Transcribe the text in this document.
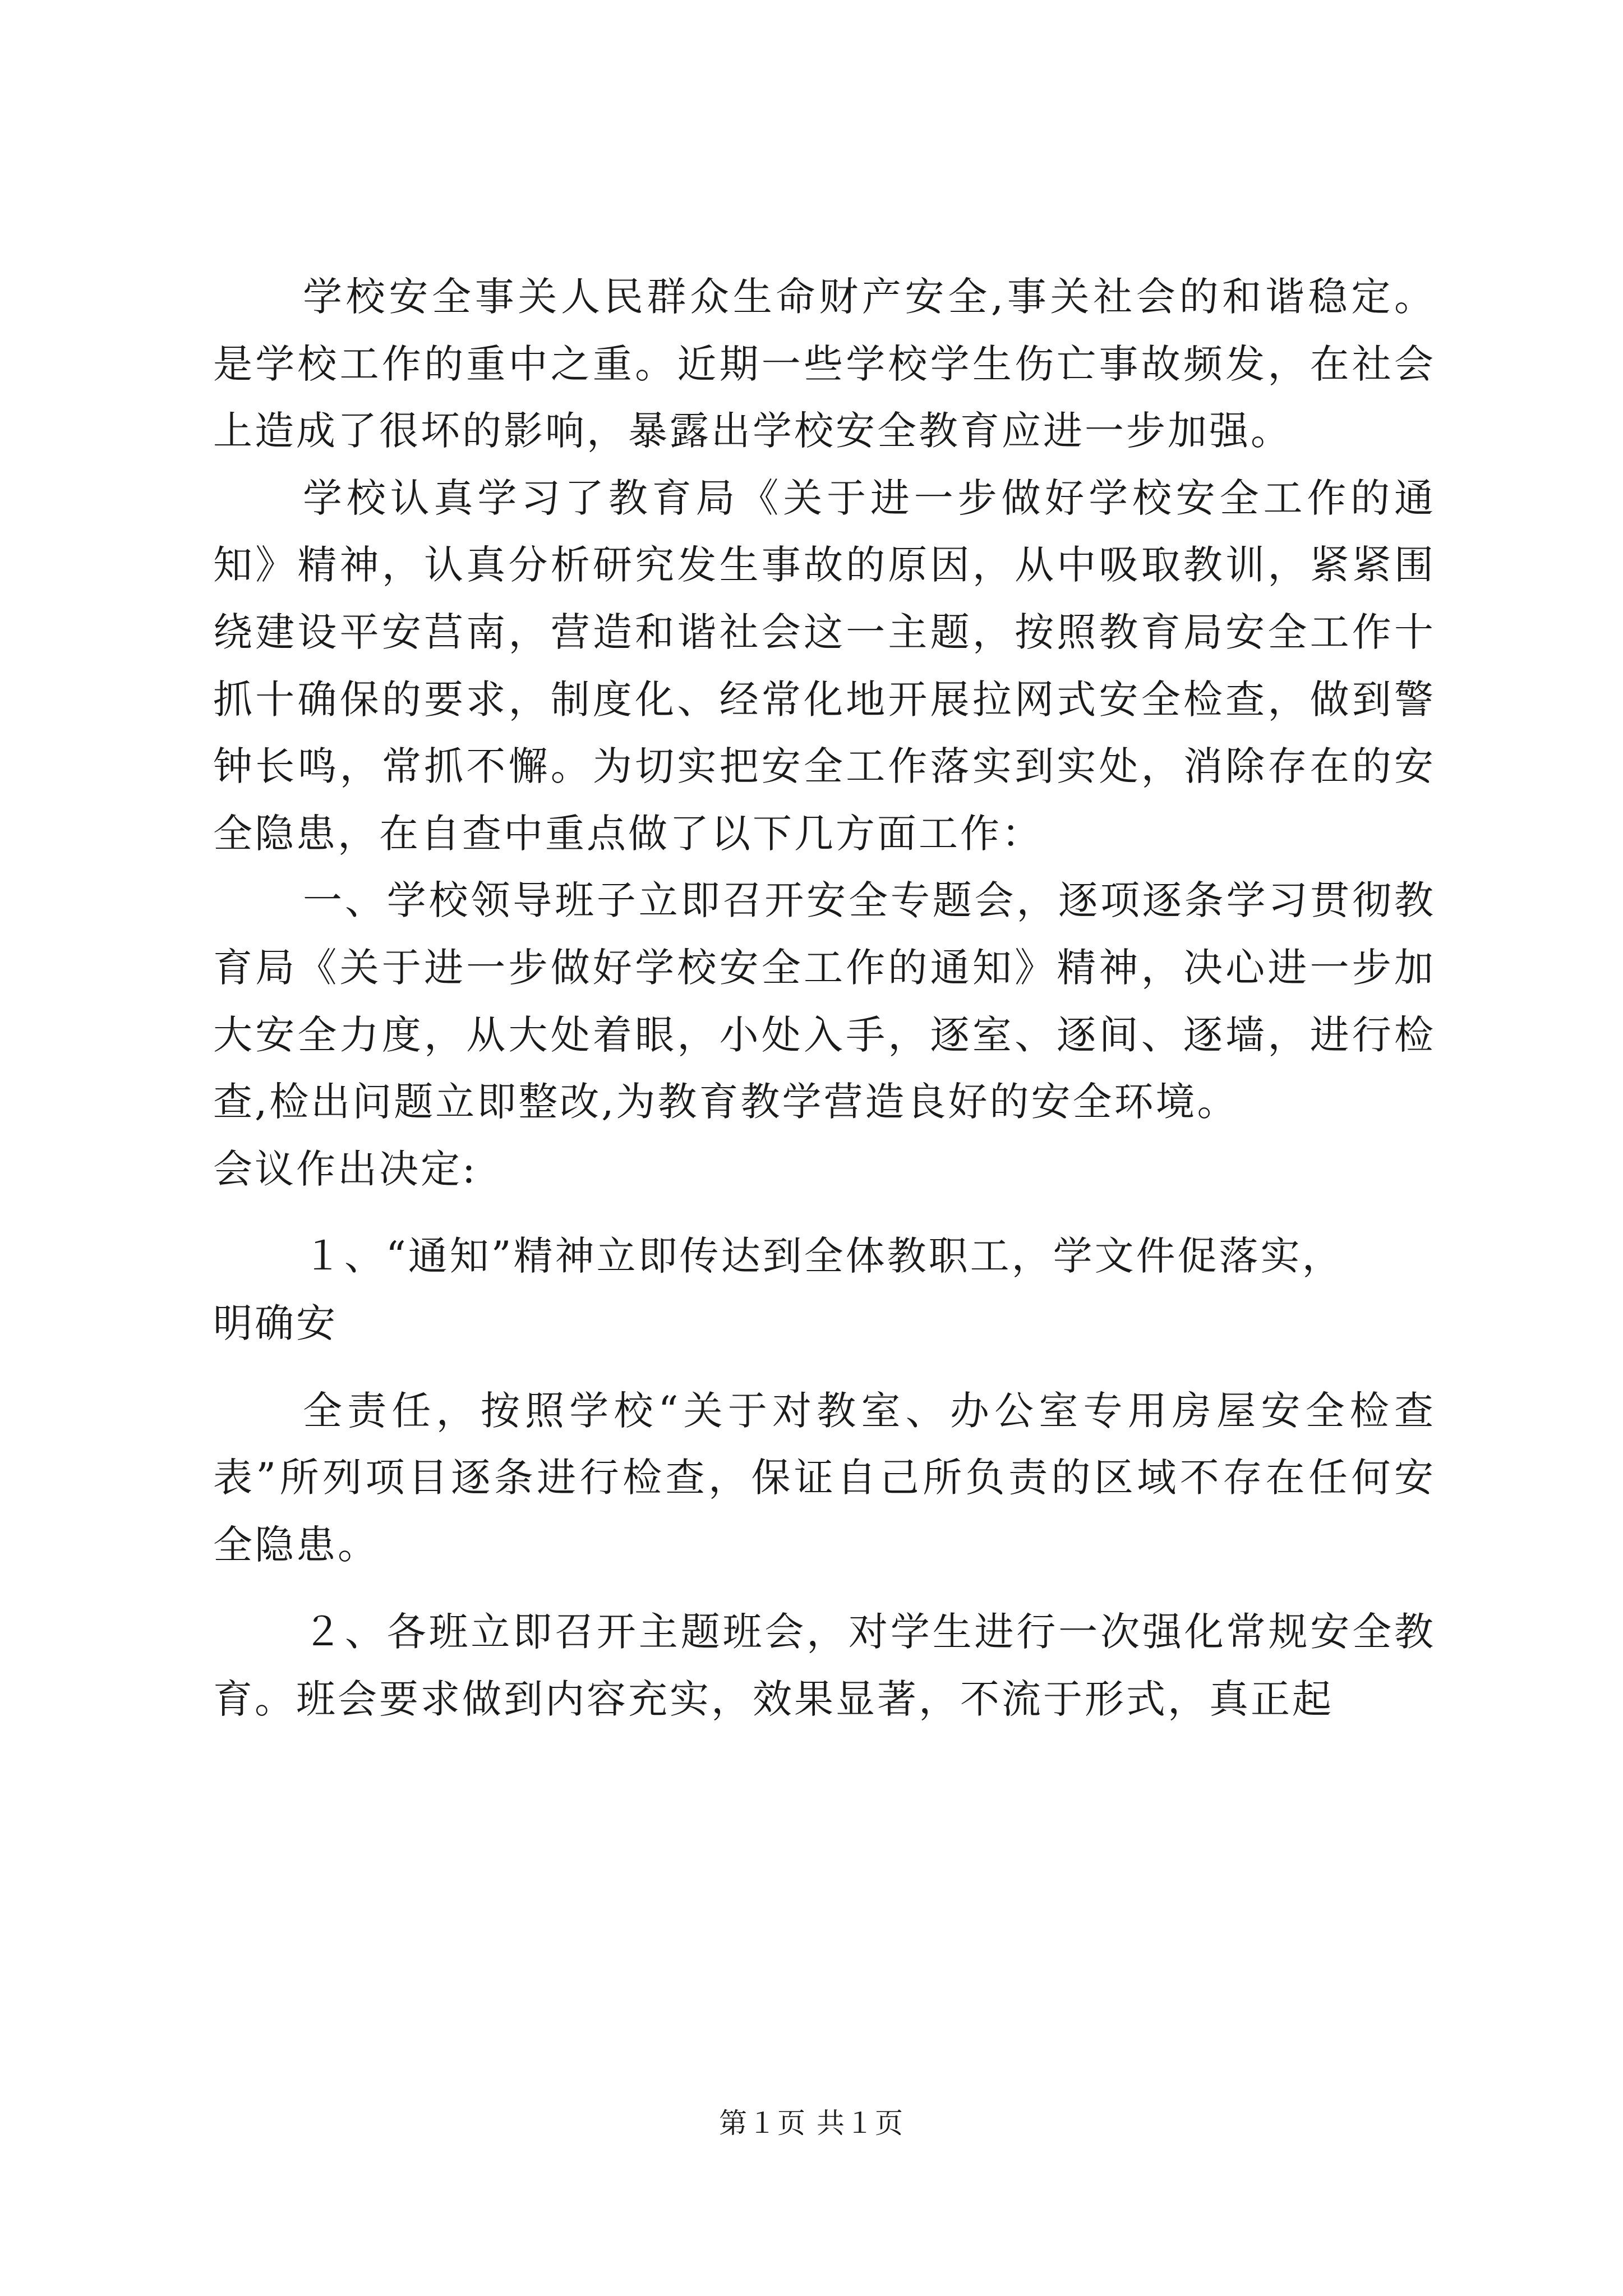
学校安全事关人民群众生命财产安全,事关社会的和谐稳定。是学校工作的重中之重。近期一些学校学生伤亡事故频发，在社会上造成了很坏的影响，暴露出学校安全教育应进一步加强。

学校认真学习了教育局《关于进一步做好学校安全工作的通知》精神，认真分析研究发生事故的原因，从中吸取教训，紧紧围绕建设平安莒南，营造和谐社会这一主题，按照教育局安全工作十抓十确保的要求，制度化、经常化地开展拉网式安全检查，做到警钟长鸣，常抓不懈。为切实把安全工作落实到实处，消除存在的安全隐患，在自查中重点做了以下几方面工作：

一、学校领导班子立即召开安全专题会，逐项逐条学习贯彻教育局《关于进一步做好学校安全工作的通知》精神，决心进一步加大安全力度，从大处着眼，小处入手，逐室、逐间、逐墙，进行检查,检出问题立即整改,为教育教学营造良好的安全环境。

会议作出决定:

１、“通知”精神立即传达到全体教职工，学文件促落实，

明确安

全责任，按照学校“关于对教室、办公室专用房屋安全检查表”所列项目逐条进行检查，保证自己所负责的区域不存在任何安全隐患。

２、各班立即召开主题班会，对学生进行一次强化常规安全教育。班会要求做到内容充实，效果显著，不流于形式，真正起

第１页 共１页
